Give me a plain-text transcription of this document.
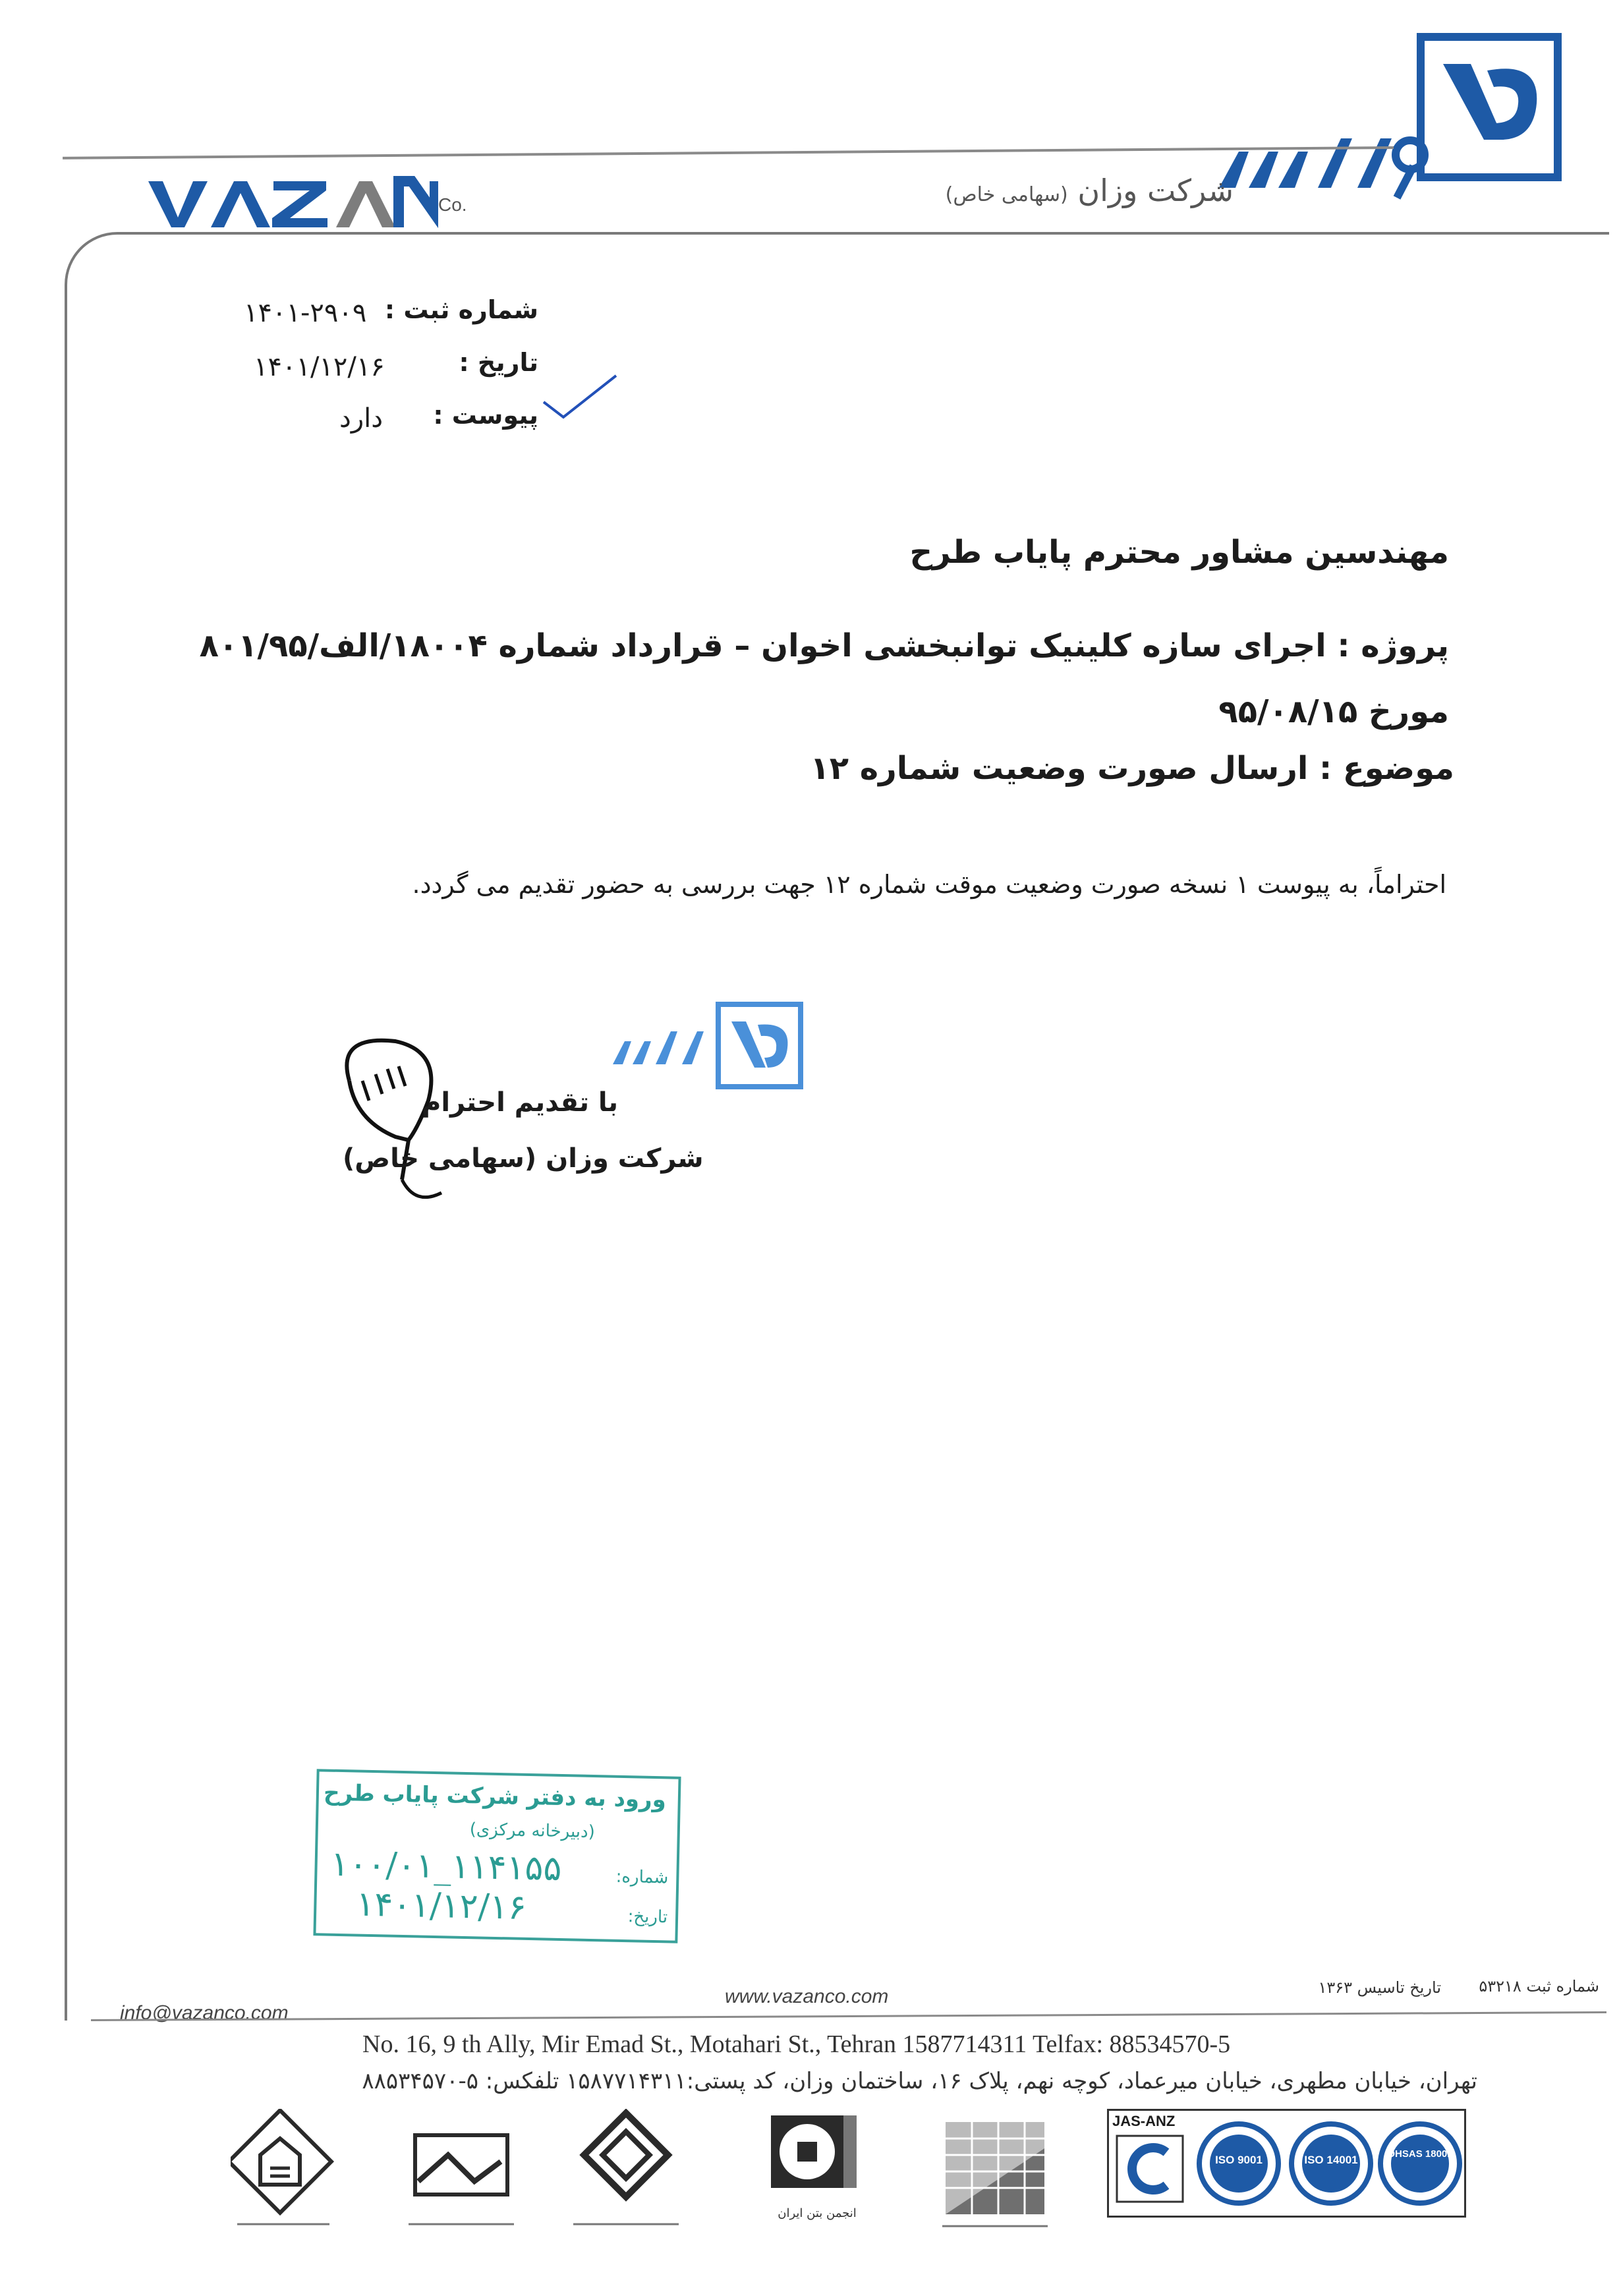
شرکت وزان (سهامی خاص)
Co.
شماره ثبت :
۱۴۰۱-۲۹۰۹
تاریخ :
۱۴۰۱/۱۲/۱۶
پیوست :
دارد
مهندسین مشاور محترم پایاب طرح
پروژه : اجرای سازه کلینیک توانبخشی اخوان – قرارداد شماره ۱۸۰۰۴/الف/۸۰۱/۹۵ مورخ ۹۵/۰۸/۱۵
موضوع : ارسال صورت وضعیت شماره ۱۲
احتراماً، به پیوست ۱ نسخه صورت وضعیت موقت شماره ۱۲ جهت بررسی به حضور تقدیم می گردد.
با تقدیم احترام
شرکت وزان (سهامی خاص)
ورود به دفتر شرکت پایاب طرح
(دبیرخانه مرکزی)
شماره:
۱۰۰/۰۱_۱۱۴۱۵۵
تاریخ:
۱۴۰۱/۱۲/۱۶
شماره ثبت ۵۳۲۱۸
تاریخ تاسیس ۱۳۶۳
www.vazanco.com
info@vazanco.com
No. 16, 9 th Ally, Mir Emad St., Motahari St., Tehran 1587714311 Telfax: 88534570-5
تهران، خیابان مطهری، خیابان میرعماد، کوچه نهم، پلاک ۱۶، ساختمان وزان، کد پستی:۱۵۸۷۷۱۴۳۱۱ تلفکس: ۵-۸۸۵۳۴۵۷۰
انجمن بتن ایران
JAS-ANZ
ISO 9001	ISO 14001	OHSAS 18001
